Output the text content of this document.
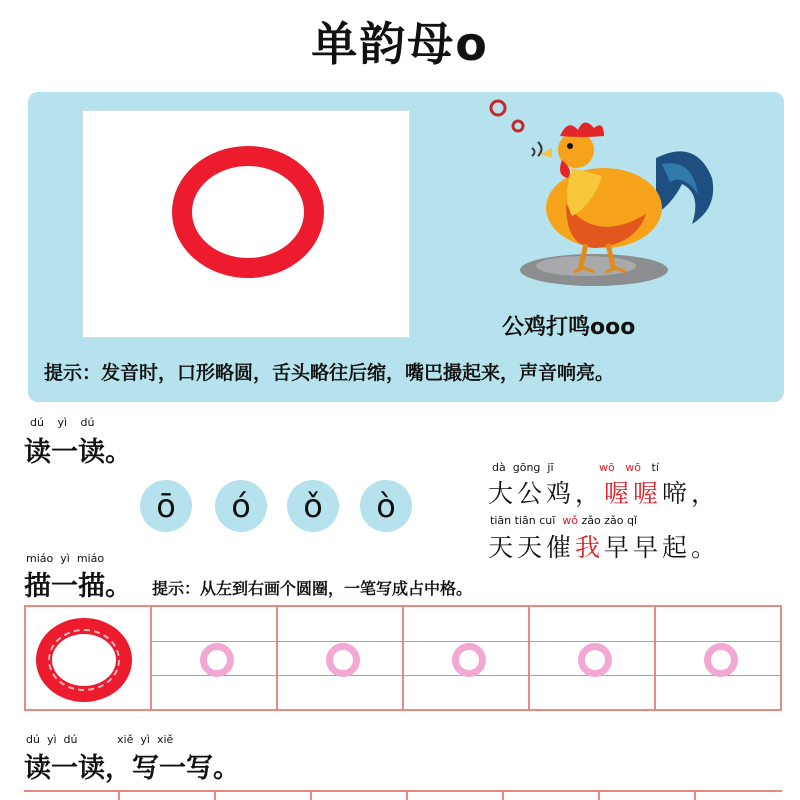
单韵母o
公鸡打鸣ooo
提示：发音时，口形略圆，舌头略往后缩，嘴巴撮起来，声音响亮。
dú yì dú
读一读。
ō	ó	ǒ	ò
dà gōng jī	wō wō tí
大公鸡，喔喔啼，
tiān tiān cuī wǒ zǎo zǎo qǐ
天天催我早早起。
miáo yì miáo
描一描。 提示：从左到右画个圆圈，一笔写成占中格。
dú yì dú	xiě yì xiě
读一读，写一写。
